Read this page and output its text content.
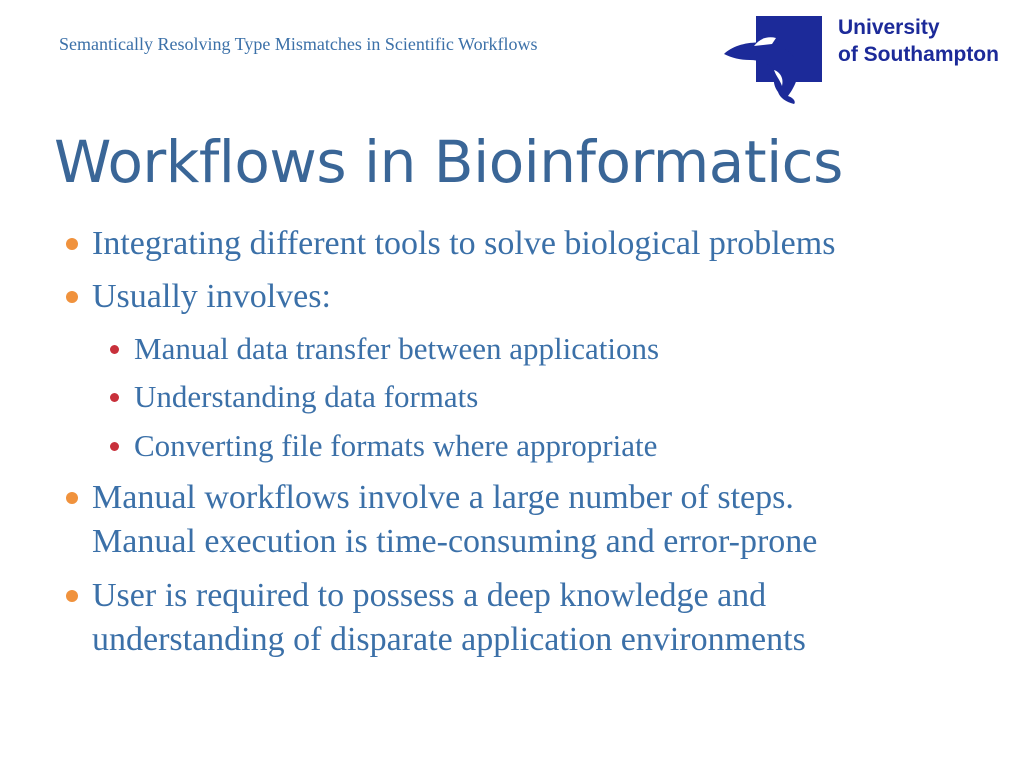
Semantically Resolving Type Mismatches in Scientific Workflows
University
of Southampton
Workflows in Bioinformatics
Integrating different tools to solve biological problems
Usually involves:
Manual data transfer between applications
Understanding data formats
Converting file formats where appropriate
Manual workflows involve a large number of steps.
Manual execution is time-consuming and error-prone
User is required to possess a deep knowledge and
understanding of disparate application environments
